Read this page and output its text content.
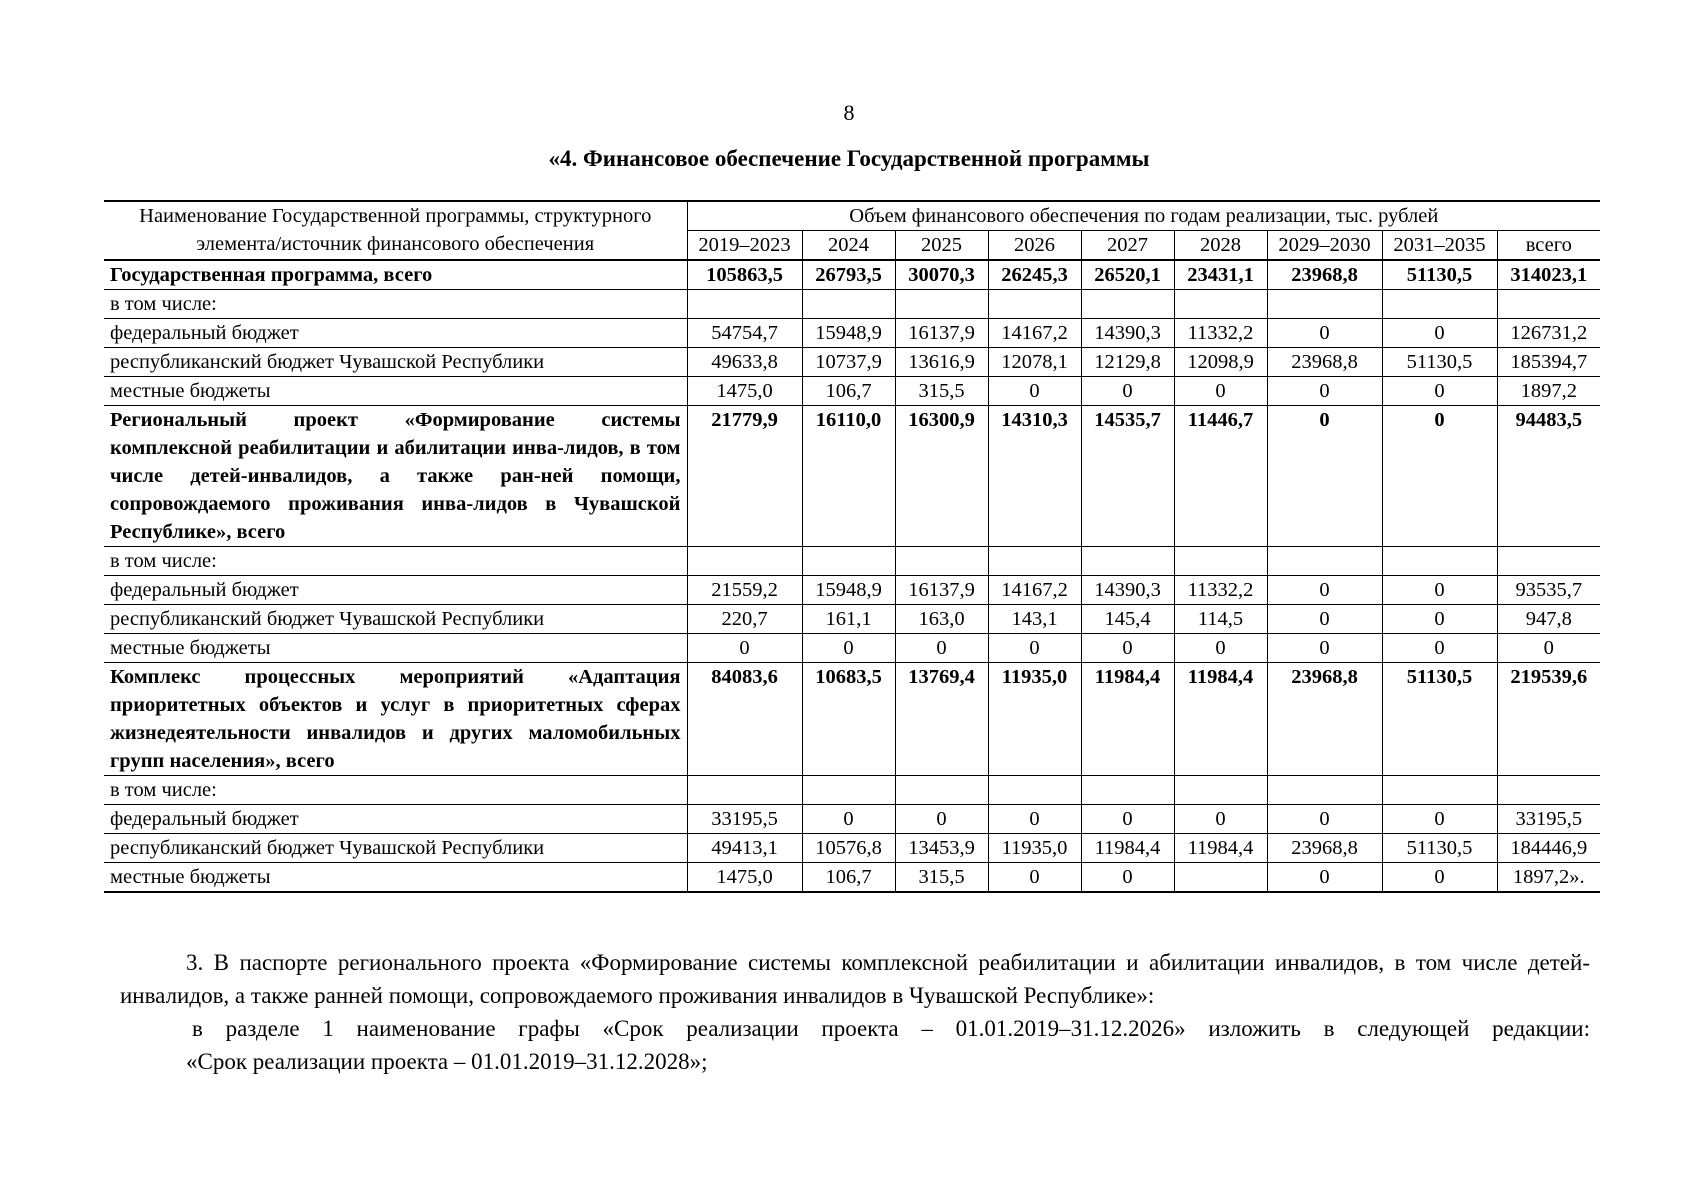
8
«4. Финансовое обеспечение Государственной программы
Наименование Государственной программы, структурного элемента/источник финансового обеспечения	Объем финансового обеспечения по годам реализации, тыс. рублей								
	2019–2023	2024	2025	2026	2027	2028	2029–2030	2031–2035	всего
Государственная программа, всего	105863,5	26793,5	30070,3	26245,3	26520,1	23431,1	23968,8	51130,5	314023,1
в том числе:									
федеральный бюджет	54754,7	15948,9	16137,9	14167,2	14390,3	11332,2	0	0	126731,2
республиканский бюджет Чувашской Республики	49633,8	10737,9	13616,9	12078,1	12129,8	12098,9	23968,8	51130,5	185394,7
местные бюджеты	1475,0	106,7	315,5	0	0	0	0	0	1897,2
Региональный проект «Формирование системы комплексной реабилитации и абилитации инва-лидов, в том числе детей-инвалидов, а также ран-ней помощи, сопровождаемого проживания инва-лидов в Чувашской Республике», всего	21779,9	16110,0	16300,9	14310,3	14535,7	11446,7	0	0	94483,5
в том числе:									
федеральный бюджет	21559,2	15948,9	16137,9	14167,2	14390,3	11332,2	0	0	93535,7
республиканский бюджет Чувашской Республики	220,7	161,1	163,0	143,1	145,4	114,5	0	0	947,8
местные бюджеты	0	0	0	0	0	0	0	0	0
Комплекс процессных мероприятий «Адаптация приоритетных объектов и услуг в приоритетных сферах жизнедеятельности инвалидов и других маломобильных групп населения», всего	84083,6	10683,5	13769,4	11935,0	11984,4	11984,4	23968,8	51130,5	219539,6
в том числе:									
федеральный бюджет	33195,5	0	0	0	0	0	0	0	33195,5
республиканский бюджет Чувашской Республики	49413,1	10576,8	13453,9	11935,0	11984,4	11984,4	23968,8	51130,5	184446,9
местные бюджеты	1475,0	106,7	315,5	0	0		0	0	1897,2».
3. В паспорте регионального проекта «Формирование системы комплексной реабилитации и абилитации инвалидов, в том числе детей-инвалидов, а также ранней помощи, сопровождаемого проживания инвалидов в Чувашской Республике»:
в разделе 1 наименование графы «Срок реализации проекта – 01.01.2019–31.12.2026» изложить в следующей редакции:
«Срок реализации проекта – 01.01.2019–31.12.2028»;
